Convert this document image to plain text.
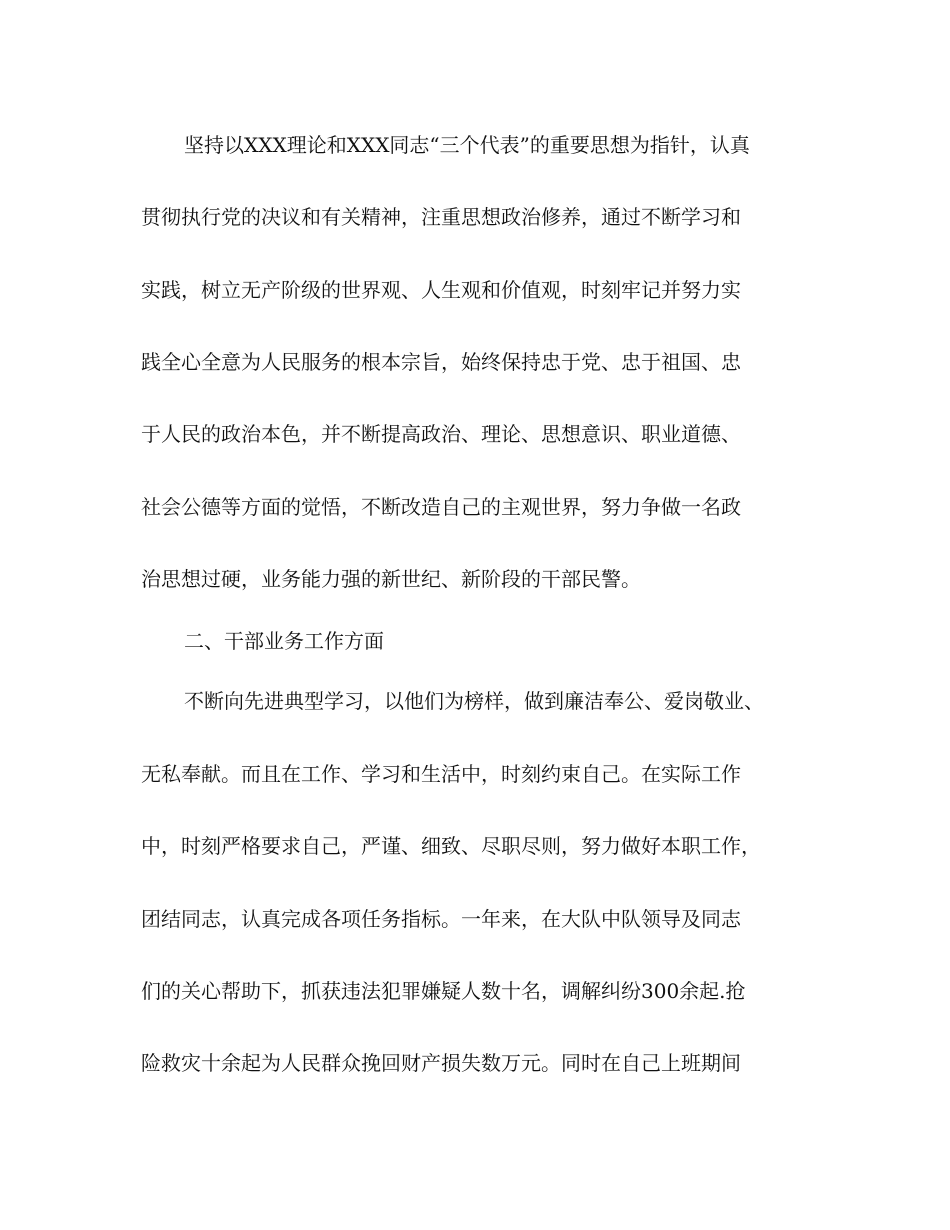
坚持以XXX理论和XXX同志“三个代表”的重要思想为指针，认真
贯彻执行党的决议和有关精神，注重思想政治修养，通过不断学习和
实践，树立无产阶级的世界观、人生观和价值观，时刻牢记并努力实
践全心全意为人民服务的根本宗旨，始终保持忠于党、忠于祖国、忠
于人民的政治本色，并不断提高政治、理论、思想意识、职业道德、
社会公德等方面的觉悟，不断改造自己的主观世界，努力争做一名政
治思想过硬，业务能力强的新世纪、新阶段的干部民警。
二、干部业务工作方面
不断向先进典型学习，以他们为榜样，做到廉洁奉公、爱岗敬业、
无私奉献。而且在工作、学习和生活中，时刻约束自己。在实际工作
中，时刻严格要求自己，严谨、细致、尽职尽则，努力做好本职工作，
团结同志，认真完成各项任务指标。一年来，在大队中队领导及同志
们的关心帮助下，抓获违法犯罪嫌疑人数十名，调解纠纷300余起.抢
险救灾十余起为人民群众挽回财产损失数万元。同时在自己上班期间
